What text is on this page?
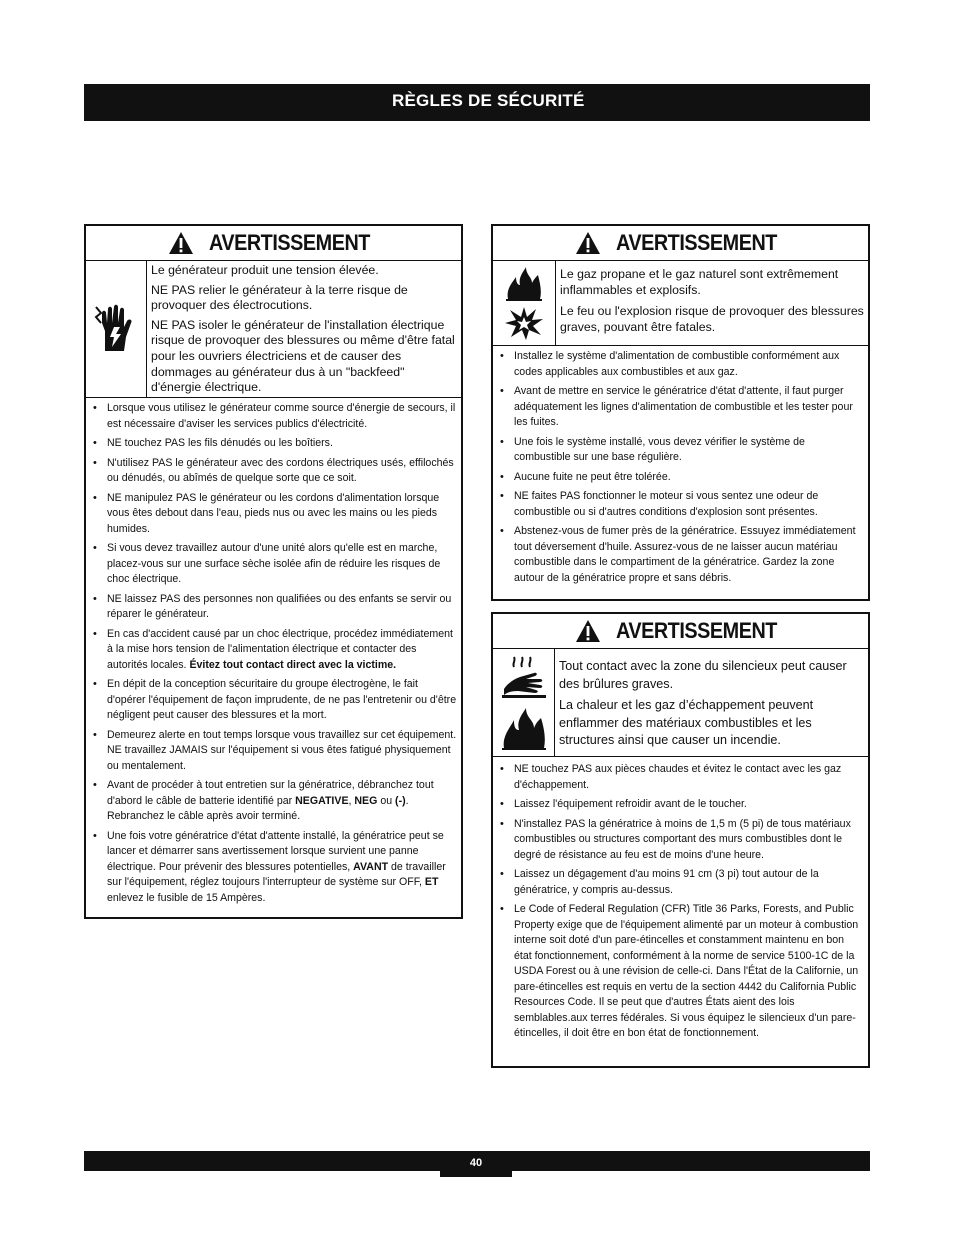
RÈGLES DE SÉCURITÉ
AVERTISSEMENT

Le générateur produit une tension élevée.

NE PAS relier le générateur à la terre risque de provoquer des électrocutions.

NE PAS isoler le générateur de l'installation électrique risque de provoquer des blessures ou même d'être fatal pour les ouvriers électriciens et de causer des dommages au générateur dus à un "backfeed" d'énergie électrique.

• Lorsque vous utilisez le générateur comme source d'énergie de secours, il est nécessaire d'aviser les services publics d'électricité.
• NE touchez PAS les fils dénudés ou les boîtiers.
• N'utilisez PAS le générateur avec des cordons électriques usés, effilochés ou dénudés, ou abîmés de quelque sorte que ce soit.
• NE manipulez PAS le générateur ou les cordons d'alimentation lorsque vous êtes debout dans l'eau, pieds nus ou avec les mains ou les pieds humides.
• Si vous devez travaillez autour d'une unité alors qu'elle est en marche, placez-vous sur une surface sèche isolée afin de réduire les risques de choc électrique.
• NE laissez PAS des personnes non qualifiées ou des enfants se servir ou réparer le générateur.
• En cas d'accident causé par un choc électrique, procédez immédiatement à la mise hors tension de l'alimentation électrique et contacter des autorités locales. Évitez tout contact direct avec la victime.
• En dépit de la conception sécuritaire du groupe électrogène, le fait d'opérer l'équipement de façon imprudente, de ne pas l'entretenir ou d'être négligent peut causer des blessures et la mort.
• Demeurez alerte en tout temps lorsque vous travaillez sur cet équipement. NE travaillez JAMAIS sur l'équipement si vous êtes fatigué physiquement ou mentalement.
• Avant de procéder à tout entretien sur la génératrice, débranchez tout d'abord le câble de batterie identifié par NEGATIVE, NEG ou (-). Rebranchez le câble après avoir terminé.
• Une fois votre génératrice d'état d'attente installé, la génératrice peut se lancer et démarrer sans avertissement lorsque survient une panne électrique. Pour prévenir des blessures potentielles, AVANT de travailler sur l'équipement, réglez toujours l'interrupteur de système sur OFF, ET enlevez le fusible de 15 Ampères.
AVERTISSEMENT

Le gaz propane et le gaz naturel sont extrêmement inflammables et explosifs.

Le feu ou l'explosion risque de provoquer des blessures graves, pouvant être fatales.

• Installez le système d'alimentation de combustible conformément aux codes applicables aux combustibles et aux gaz.
• Avant de mettre en service le génératrice d'état d'attente, il faut purger adéquatement les lignes d'alimentation de combustible et les tester pour les fuites.
• Une fois le système installé, vous devez vérifier le système de combustible sur une base régulière.
• Aucune fuite ne peut être tolérée.
• NE faites PAS fonctionner le moteur si vous sentez une odeur de combustible ou si d'autres conditions d'explosion sont présentes.
• Abstenez-vous de fumer près de la génératrice. Essuyez immédiatement tout déversement d'huile. Assurez-vous de ne laisser aucun matériau combustible dans le compartiment de la génératrice. Gardez la zone autour de la génératrice propre et sans débris.
AVERTISSEMENT

Tout contact avec la zone du silencieux peut causer des brûlures graves.

La chaleur et les gaz d’échappement peuvent enflammer des matériaux combustibles et les structures ainsi que causer un incendie.

• NE touchez PAS aux pièces chaudes et évitez le contact avec les gaz d'échappement.
• Laissez l'équipement refroidir avant de le toucher.
• N'installez PAS la génératrice à moins de 1,5 m (5 pi) de tous matériaux combustibles ou structures comportant des murs combustibles dont le degré de résistance au feu est de moins d'une heure.
• Laissez un dégagement d'au moins 91 cm (3 pi) tout autour de la génératrice, y compris au-dessus.
• Le Code of Federal Regulation (CFR) Title 36 Parks, Forests, and Public Property exige que de l'équipement alimenté par un moteur à combustion interne soit doté d'un pare-étincelles et constamment maintenu en bon état fonctionnement, conformément à la norme de service 5100-1C de la USDA Forest ou à une révision de celle-ci. Dans l'État de la Californie, un pare-étincelles est requis en vertu de la section 4442 du California Public Resources Code. Il se peut que d'autres États aient des lois semblables.aux terres fédérales. Si vous équipez le silencieux d'un pare-étincelles, il doit être en bon état de fonctionnement.
40
